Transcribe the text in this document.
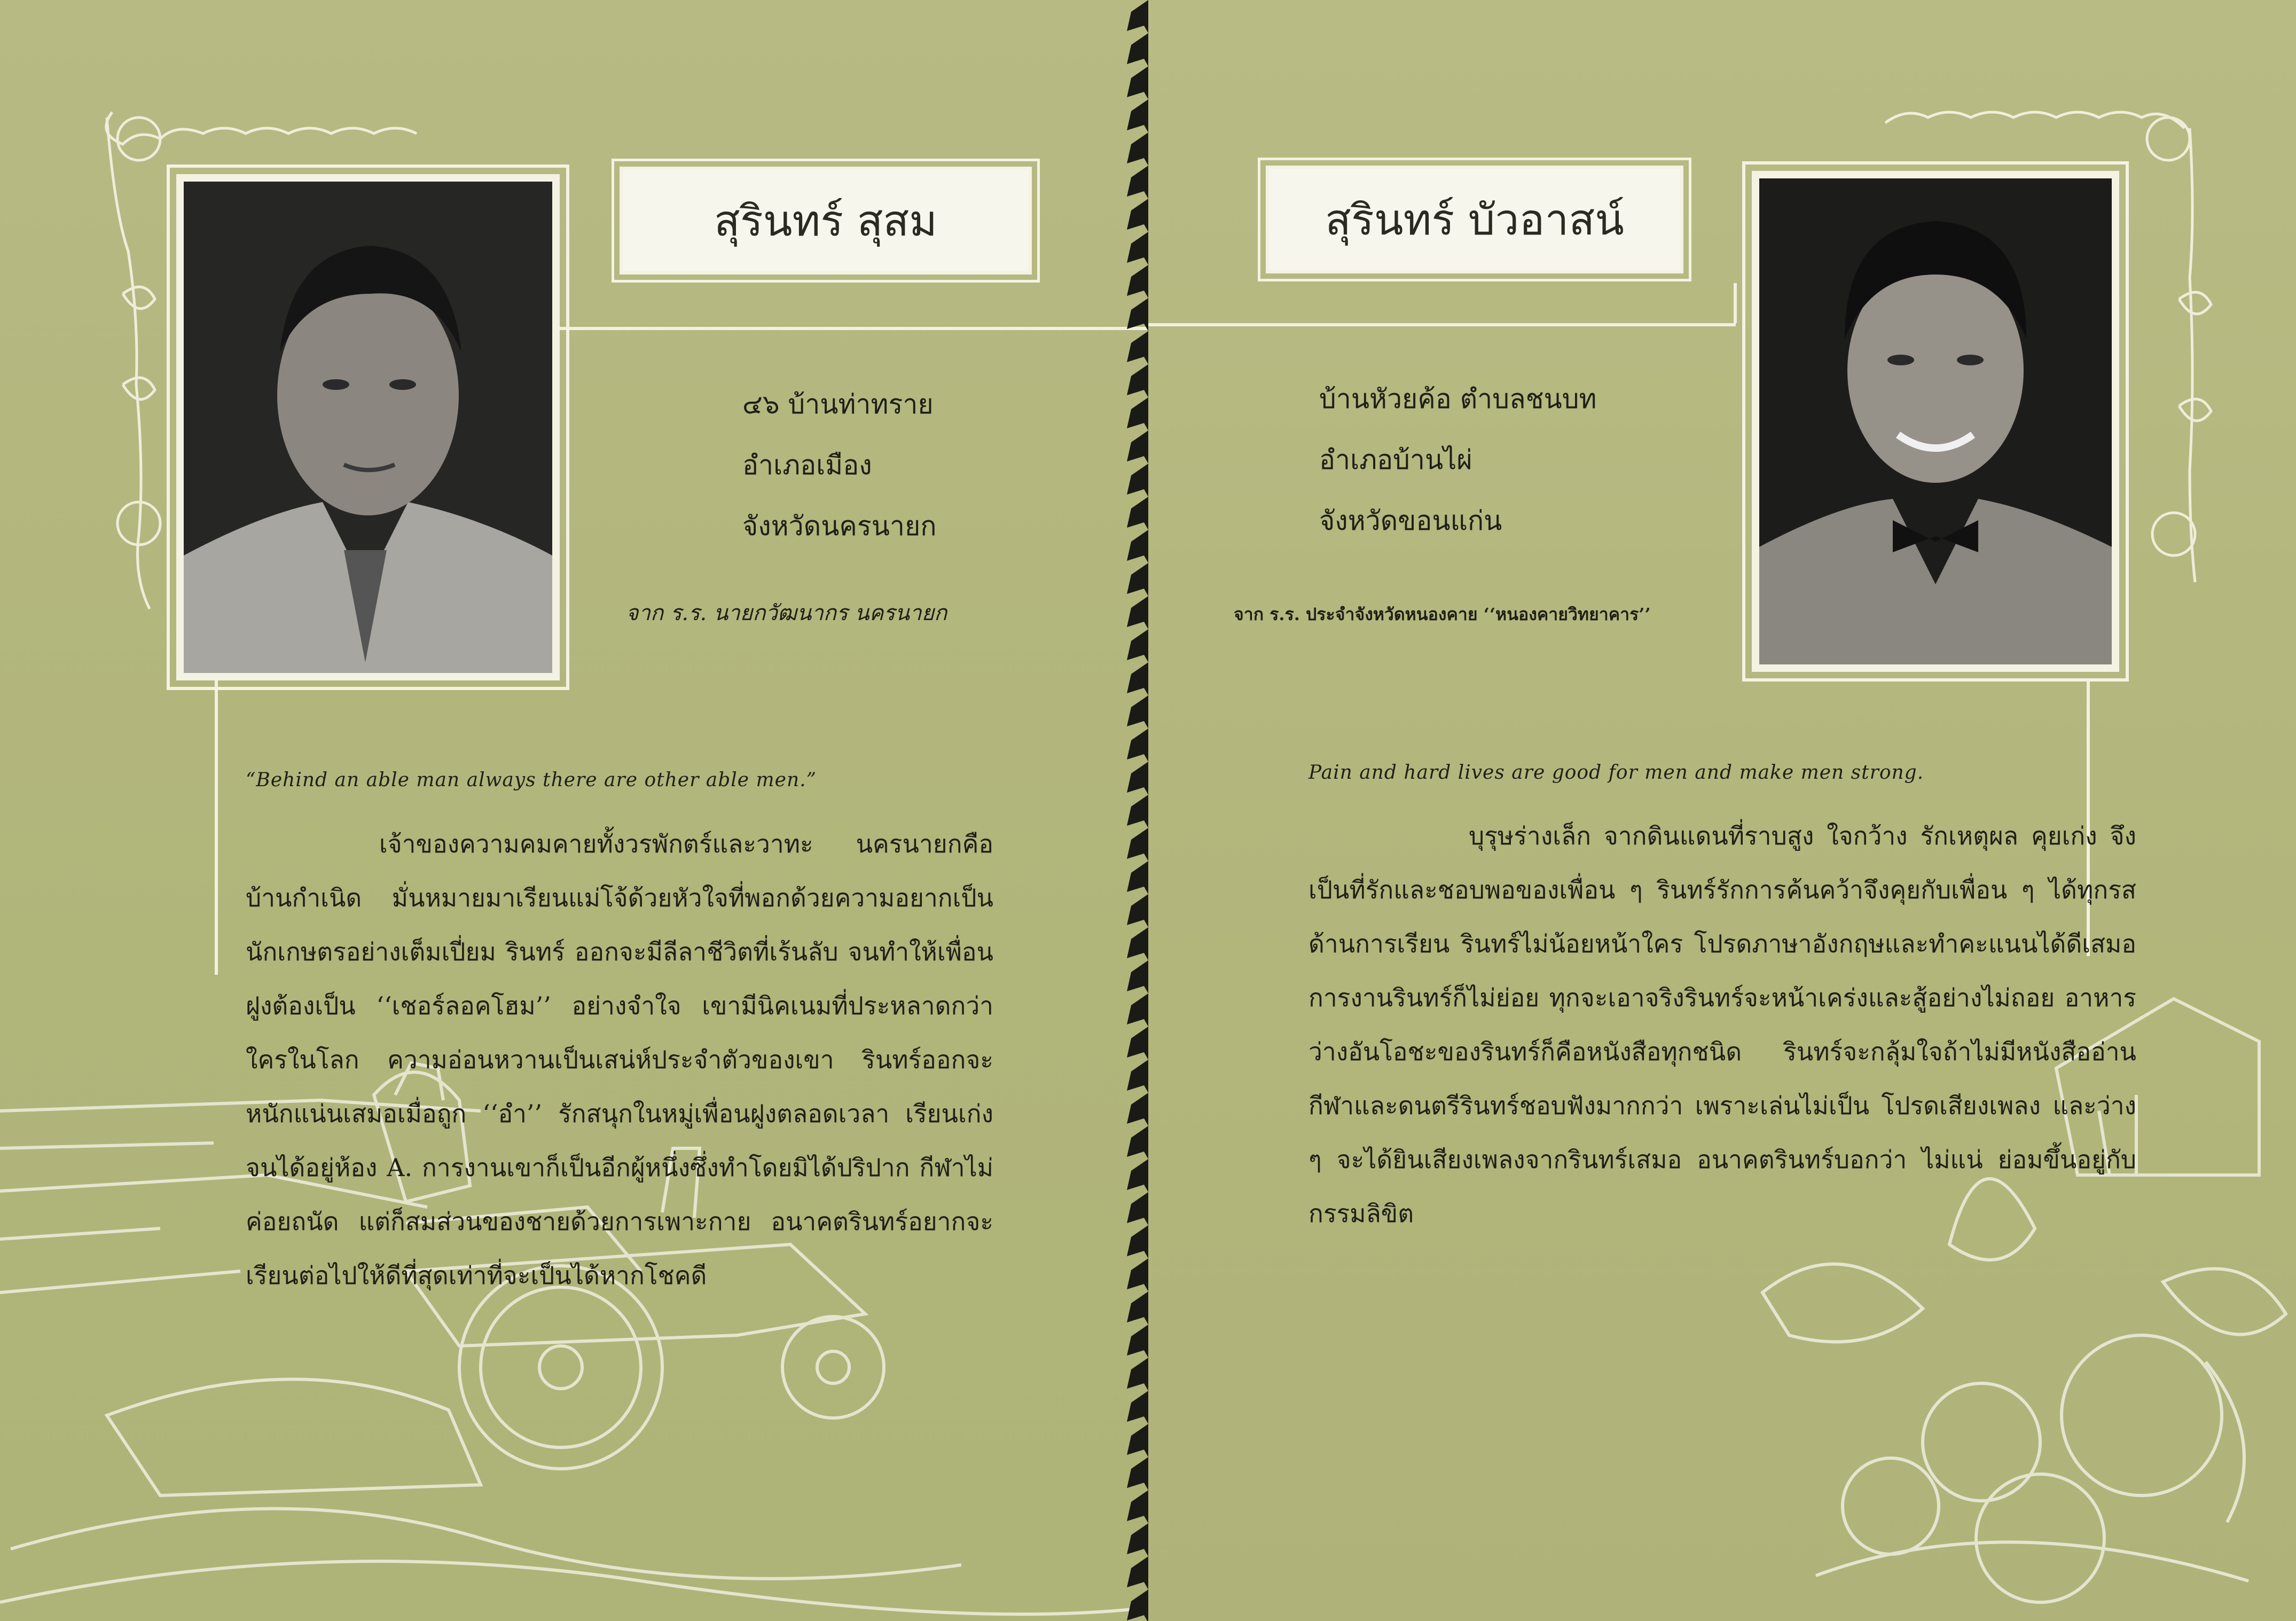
สุรินทร์ สุสม
๔๖ บ้านท่าทราย
อำเภอเมือง
จังหวัดนครนายก
จาก ร.ร. นายกวัฒนากร นครนายก
“Behind an able man always there are other able men.”

เจ้าของความคมคายทั้งวรพักตร์และวาทะ นครนายกคือบ้านกำเนิด มั่นหมายมาเรียนแม่โจ้ด้วยหัวใจที่พอกด้วยความอยากเป็นนักเกษตรอย่างเต็มเปี่ยม รินทร์ ออกจะมีลีลาชีวิตที่เร้นลับ จนทำให้เพื่อนฝูงต้องเป็น ‘‘เชอร์ลอคโฮม’’ อย่างจำใจ เขามีนิคเนมที่ประหลาดกว่าใครในโลก ความอ่อนหวานเป็นเสน่ห์ประจำตัวของเขา รินทร์ออกจะหนักแน่นเสมอเมื่อถูก ‘‘อำ’’ รักสนุกในหมู่เพื่อนฝูงตลอดเวลา เรียนเก่งจนได้อยู่ห้อง A. การงานเขาก็เป็นอีกผู้หนึ่งซึ่งทำโดยมิได้ปริปาก กีฬาไม่ค่อยถนัด แต่ก็สมส่วนของชายด้วยการเพาะกาย อนาคตรินทร์อยากจะเรียนต่อไปให้ดีที่สุดเท่าที่จะเป็นได้หากโชคดี

สุรินทร์ บัวอาสน์
บ้านหัวยค้อ ตำบลชนบท
อำเภอบ้านไผ่
จังหวัดขอนแก่น
จาก ร.ร. ประจำจังหวัดหนองคาย ‘‘หนองคายวิทยาคาร’’
Pain and hard lives are good for men and make men strong.

บุรุษร่างเล็ก จากดินแดนที่ราบสูง ใจกว้าง รักเหตุผล คุยเก่ง จึงเป็นที่รักและชอบพอของเพื่อน ๆ รินทร์รักการค้นคว้าจึงคุยกับเพื่อน ๆ ได้ทุกรส ด้านการเรียน รินทร์ไม่น้อยหน้าใคร โปรดภาษาอังกฤษและทำคะแนนได้ดีเสมอ การงานรินทร์ก็ไม่ย่อย ทุกจะเอาจริงรินทร์จะหน้าเคร่งและสู้อย่างไม่ถอย อาหารว่างอันโอชะของรินทร์ก็คือหนังสือทุกชนิด รินทร์จะกลุ้มใจถ้าไม่มีหนังสืออ่าน กีฬาและดนตรีรินทร์ชอบฟังมากกว่า เพราะเล่นไม่เป็น โปรดเสียงเพลง และว่าง ๆ จะได้ยินเสียงเพลงจากรินทร์เสมอ อนาคตรินทร์บอกว่า ไม่แน่ ย่อมขึ้นอยู่กับกรรมลิขิต
